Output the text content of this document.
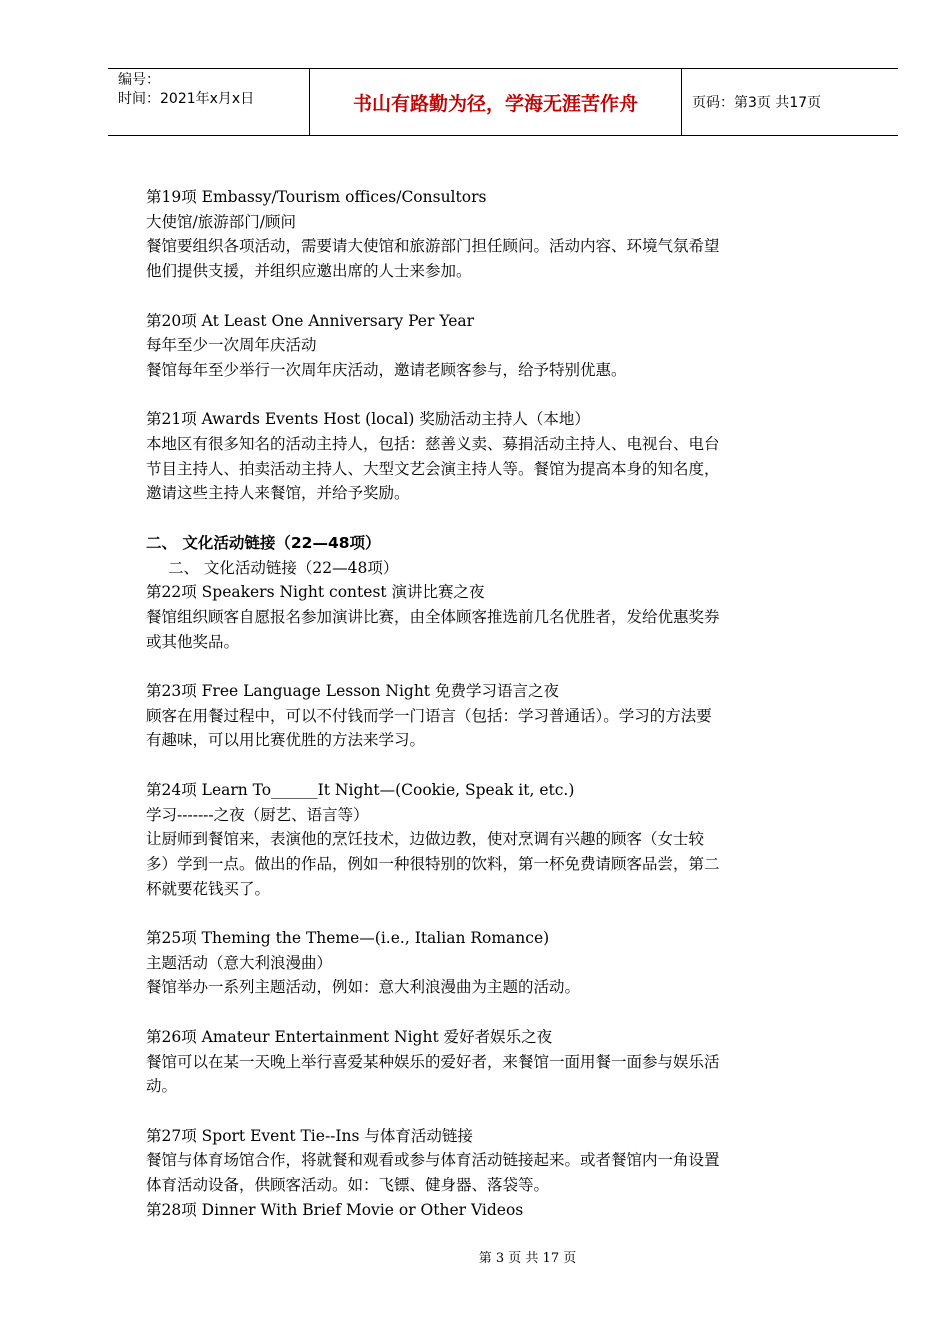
编号：
时间：2021年x月x日	书山有路勤为径，学海无涯苦作舟	页码：第3页 共17页
第19项 Embassy/Tourism offices/Consultors
大使馆/旅游部门/顾问
餐馆要组织各项活动，需要请大使馆和旅游部门担任顾问。活动内容、环境气氛希望
他们提供支援，并组织应邀出席的人士来参加。
第20项 At Least One Anniversary Per Year
每年至少一次周年庆活动
餐馆每年至少举行一次周年庆活动，邀请老顾客参与，给予特别优惠。
第21项 Awards Events Host (local) 奖励活动主持人（本地）
本地区有很多知名的活动主持人，包括：慈善义卖、募捐活动主持人、电视台、电台
节目主持人、拍卖活动主持人、大型文艺会演主持人等。餐馆为提高本身的知名度，
邀请这些主持人来餐馆，并给予奖励。
二、 文化活动链接（22—48项）
二、 文化活动链接（22—48项）
第22项 Speakers Night contest 演讲比赛之夜
餐馆组织顾客自愿报名参加演讲比赛，由全体顾客推选前几名优胜者，发给优惠奖券
或其他奖品。
第23项 Free Language Lesson Night 免费学习语言之夜
顾客在用餐过程中，可以不付钱而学一门语言（包括：学习普通话）。学习的方法要
有趣味，可以用比赛优胜的方法来学习。
第24项 Learn To______It Night—(Cookie, Speak it, etc.)
学习-------之夜（厨艺、语言等）
让厨师到餐馆来，表演他的烹饪技术，边做边教，使对烹调有兴趣的顾客（女士较
多）学到一点。做出的作品，例如一种很特别的饮料，第一杯免费请顾客品尝，第二
杯就要花钱买了。
第25项 Theming the Theme—(i.e., Italian Romance)
主题活动（意大利浪漫曲）
餐馆举办一系列主题活动，例如：意大利浪漫曲为主题的活动。
第26项 Amateur Entertainment Night 爱好者娱乐之夜
餐馆可以在某一天晚上举行喜爱某种娱乐的爱好者，来餐馆一面用餐一面参与娱乐活
动。
第27项 Sport Event Tie--Ins 与体育活动链接
餐馆与体育场馆合作，将就餐和观看或参与体育活动链接起来。或者餐馆内一角设置
体育活动设备，供顾客活动。如：飞镖、健身器、落袋等。
第28项 Dinner With Brief Movie or Other Videos
第 3 页 共 17 页
